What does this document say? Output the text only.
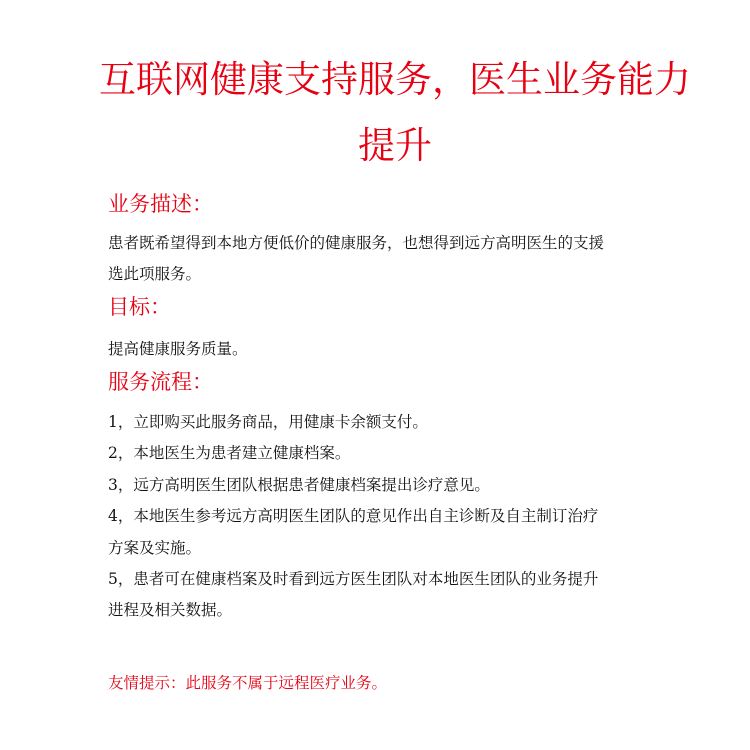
互联网健康支持服务，医生业务能力
提升
业务描述：
患者既希望得到本地方便低价的健康服务，也想得到远方高明医生的支援
选此项服务。
目标：
提高健康服务质量。
服务流程：
1，立即购买此服务商品，用健康卡余额支付。
2，本地医生为患者建立健康档案。
3，远方高明医生团队根据患者健康档案提出诊疗意见。
4，本地医生参考远方高明医生团队的意见作出自主诊断及自主制订治疗
方案及实施。
5，患者可在健康档案及时看到远方医生团队对本地医生团队的业务提升
进程及相关数据。
友情提示：此服务不属于远程医疗业务。
